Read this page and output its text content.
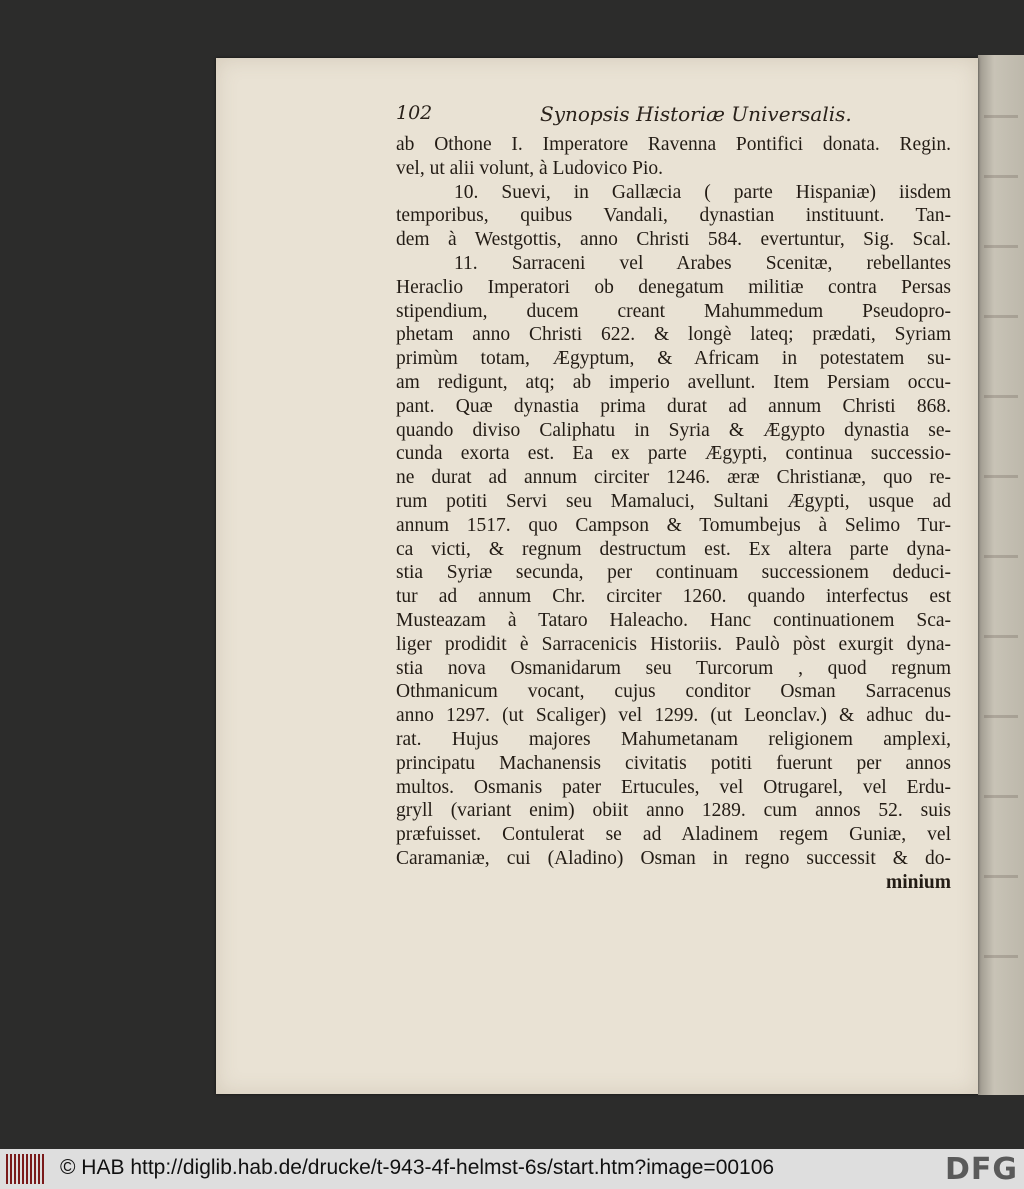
102	Synopsis Historiæ Universalis.
ab Othone I. Imperatore Ravenna Pontifici donata. Regin.
vel, ut alii volunt, à Ludovico Pio.
10. Suevi, in Gallæcia ( parte Hispaniæ) iisdem
temporibus, quibus Vandali, dynastian instituunt. Tan-
dem à Westgottis, anno Christi 584. evertuntur, Sig. Scal.
11. Sarraceni vel Arabes Scenitæ, rebellantes
Heraclio Imperatori ob denegatum militiæ contra Persas
stipendium, ducem creant Mahummedum Pseudopro-
phetam anno Christi 622. & longè lateq; prædati, Syriam
primùm totam, Ægyptum, & Africam in potestatem su-
am redigunt, atq; ab imperio avellunt. Item Persiam occu-
pant. Quæ dynastia prima durat ad annum Christi 868.
quando diviso Caliphatu in Syria & Ægypto dynastia se-
cunda exorta est. Ea ex parte Ægypti, continua successio-
ne durat ad annum circiter 1246. æræ Christianæ, quo re-
rum potiti Servi seu Mamaluci, Sultani Ægypti, usque ad
annum 1517. quo Campson & Tomumbejus à Selimo Tur-
ca victi, & regnum destructum est. Ex altera parte dyna-
stia Syriæ secunda, per continuam successionem deduci-
tur ad annum Chr. circiter 1260. quando interfectus est
Musteazam à Tataro Haleacho. Hanc continuationem Sca-
liger prodidit è Sarracenicis Historiis. Paulò pòst exurgit dyna-
stia nova Osmanidarum seu Turcorum , quod regnum
Othmanicum vocant, cujus conditor Osman Sarracenus
anno 1297. (ut Scaliger) vel 1299. (ut Leonclav.) & adhuc du-
rat. Hujus majores Mahumetanam religionem amplexi,
principatu Machanensis civitatis potiti fuerunt per annos
multos. Osmanis pater Ertucules, vel Otrugarel, vel Erdu-
gryll (variant enim) obiit anno 1289. cum annos 52. suis
præfuisset. Contulerat se ad Aladinem regem Guniæ, vel
Caramaniæ, cui (Aladino) Osman in regno successit & do-
minium
© HAB http://diglib.hab.de/drucke/t-943-4f-helmst-6s/start.htm?image=00106	DFG
